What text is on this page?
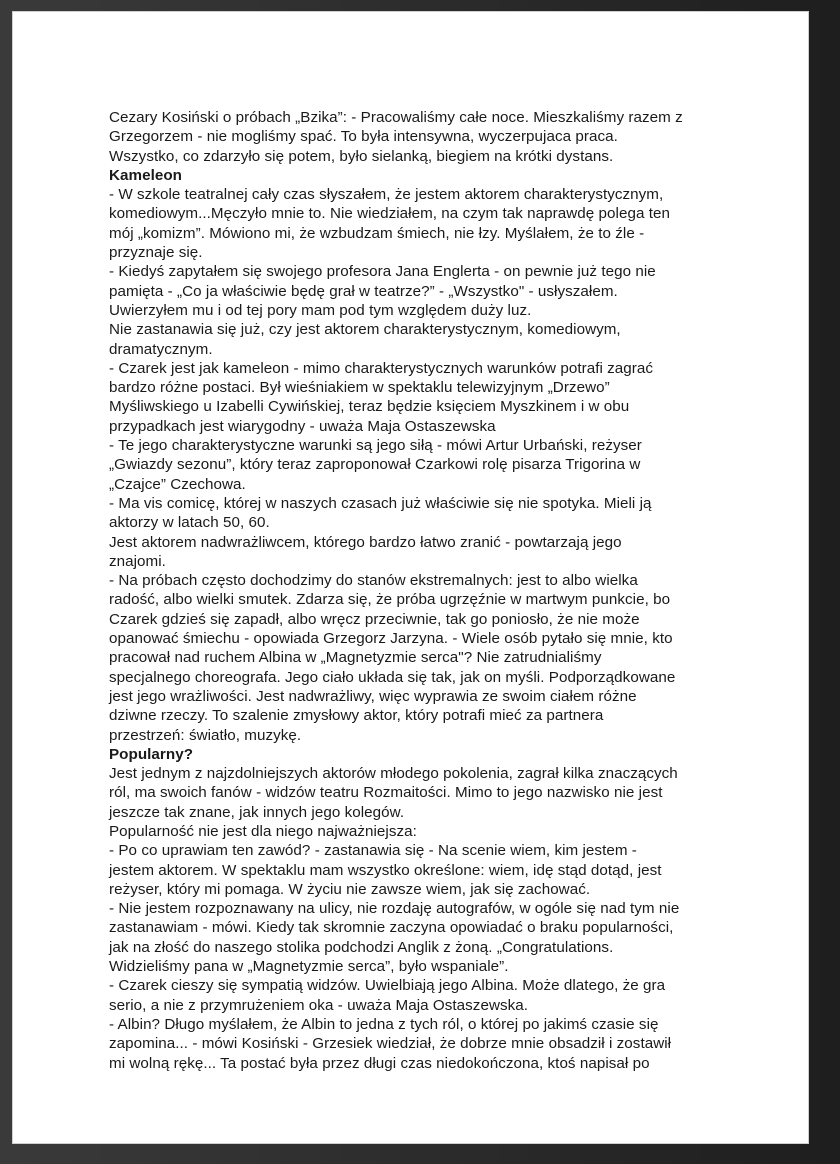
Cezary Kosiński o próbach „Bzika”: - Pracowaliśmy całe noce. Mieszkaliśmy razem z
Grzegorzem - nie mogliśmy spać. To była intensywna, wyczerpujaca praca.
Wszystko, co zdarzyło się potem, było sielanką, biegiem na krótki dystans.
Kameleon
- W szkole teatralnej cały czas słyszałem, że jestem aktorem charakterystycznym,
komediowym...Męczyło mnie to. Nie wiedziałem, na czym tak naprawdę polega ten
mój „komizm”. Mówiono mi, że wzbudzam śmiech, nie łzy. Myślałem, że to źle -
przyznaje się.
- Kiedyś zapytałem się swojego profesora Jana Englerta - on pewnie już tego nie
pamięta - „Co ja właściwie będę grał w teatrze?” - „Wszystko" - usłyszałem.
Uwierzyłem mu i od tej pory mam pod tym względem duży luz.
Nie zastanawia się już, czy jest aktorem charakterystycznym, komediowym,
dramatycznym.
- Czarek jest jak kameleon - mimo charakterystycznych warunków potrafi zagrać
bardzo różne postaci. Był wieśniakiem w spektaklu telewizyjnym „Drzewo”
Myśliwskiego u Izabelli Cywińskiej, teraz będzie księciem Myszkinem i w obu
przypadkach jest wiarygodny - uważa Maja Ostaszewska
- Te jego charakterystyczne warunki są jego siłą - mówi Artur Urbański, reżyser
„Gwiazdy sezonu”, który teraz zaproponował Czarkowi rolę pisarza Trigorina w
„Czajce” Czechowa.
- Ma vis comicę, której w naszych czasach już właściwie się nie spotyka. Mieli ją
aktorzy w latach 50, 60.
Jest aktorem nadwrażliwcem, którego bardzo łatwo zranić - powtarzają jego
znajomi.
- Na próbach często dochodzimy do stanów ekstremalnych: jest to albo wielka
radość, albo wielki smutek. Zdarza się, że próba ugrzęźnie w martwym punkcie, bo
Czarek gdzieś się zapadł, albo wręcz przeciwnie, tak go poniosło, że nie może
opanować śmiechu - opowiada Grzegorz Jarzyna. - Wiele osób pytało się mnie, kto
pracował nad ruchem Albina w „Magnetyzmie serca"? Nie zatrudnialiśmy
specjalnego choreografa. Jego ciało układa się tak, jak on myśli. Podporządkowane
jest jego wrażliwości. Jest nadwrażliwy, więc wyprawia ze swoim ciałem różne
dziwne rzeczy. To szalenie zmysłowy aktor, który potrafi mieć za partnera
przestrzeń: światło, muzykę.
Popularny?
Jest jednym z najzdolniejszych aktorów młodego pokolenia, zagrał kilka znaczących
ról, ma swoich fanów - widzów teatru Rozmaitości. Mimo to jego nazwisko nie jest
jeszcze tak znane, jak innych jego kolegów.
Popularność nie jest dla niego najważniejsza:
- Po co uprawiam ten zawód? - zastanawia się - Na scenie wiem, kim jestem -
jestem aktorem. W spektaklu mam wszystko określone: wiem, idę stąd dotąd, jest
reżyser, który mi pomaga. W życiu nie zawsze wiem, jak się zachować.
- Nie jestem rozpoznawany na ulicy, nie rozdaję autografów, w ogóle się nad tym nie
zastanawiam - mówi. Kiedy tak skromnie zaczyna opowiadać o braku popularności,
jak na złość do naszego stolika podchodzi Anglik z żoną. „Congratulations.
Widzieliśmy pana w „Magnetyzmie serca”, było wspaniale”.
- Czarek cieszy się sympatią widzów. Uwielbiają jego Albina. Może dlatego, że gra
serio, a nie z przymrużeniem oka - uważa Maja Ostaszewska.
- Albin? Długo myślałem, że Albin to jedna z tych ról, o której po jakimś czasie się
zapomina... - mówi Kosiński - Grzesiek wiedział, że dobrze mnie obsadził i zostawił
mi wolną rękę... Ta postać była przez długi czas niedokończona, ktoś napisał po
